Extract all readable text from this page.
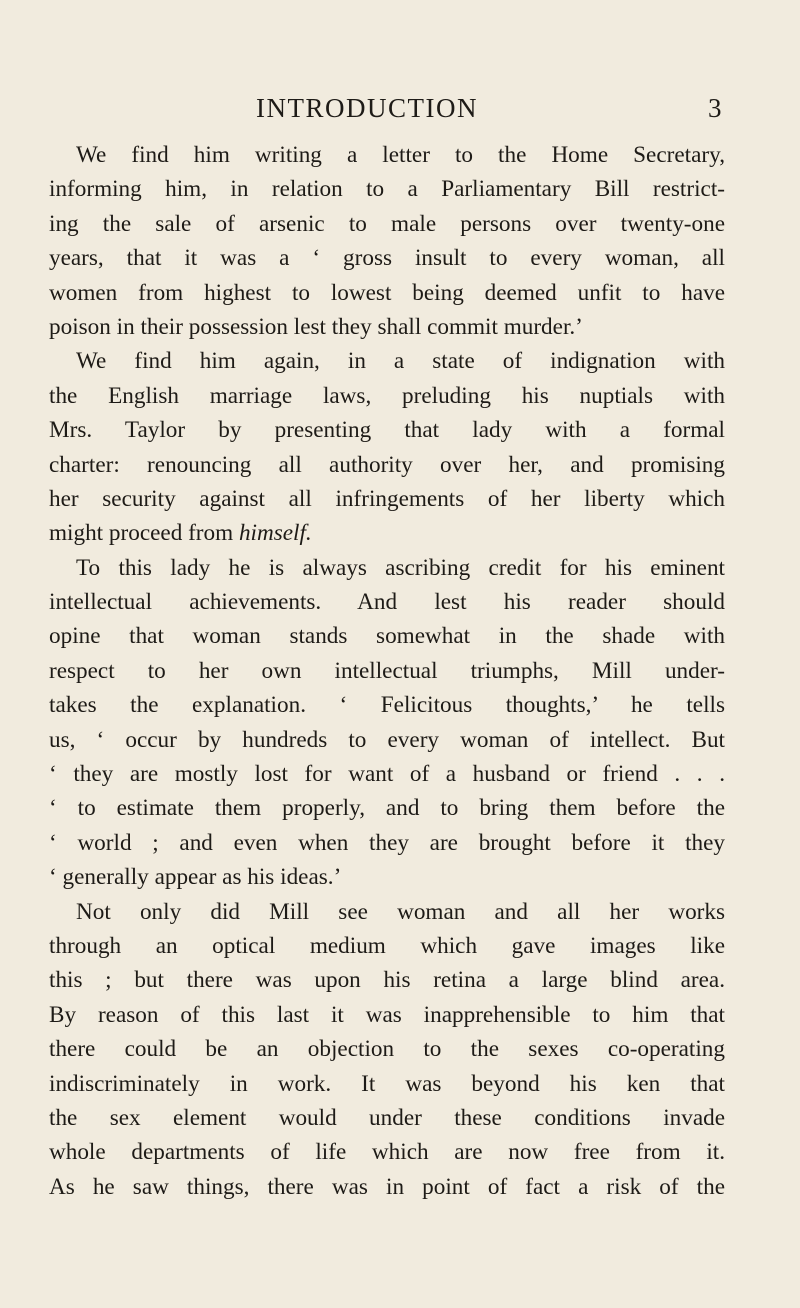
INTRODUCTION	3
We find him writing a letter to the Home Secretary,
informing him, in relation to a Parliamentary Bill restrict-
ing the sale of arsenic to male persons over twenty-one
years, that it was a ‘ gross insult to every woman, all
women from highest to lowest being deemed unfit to have
poison in their possession lest they shall commit murder.’
We find him again, in a state of indignation with
the English marriage laws, preluding his nuptials with
Mrs. Taylor by presenting that lady with a formal
charter: renouncing all authority over her, and promising
her security against all infringements of her liberty which
might proceed from himself.
To this lady he is always ascribing credit for his eminent
intellectual achievements. And lest his reader should
opine that woman stands somewhat in the shade with
respect to her own intellectual triumphs, Mill under-
takes the explanation. ‘ Felicitous thoughts,’ he tells
us, ‘ occur by hundreds to every woman of intellect. But
‘ they are mostly lost for want of a husband or friend . . .
‘ to estimate them properly, and to bring them before the
‘ world ; and even when they are brought before it they
‘ generally appear as his ideas.’
Not only did Mill see woman and all her works
through an optical medium which gave images like
this ; but there was upon his retina a large blind area.
By reason of this last it was inapprehensible to him that
there could be an objection to the sexes co-operating
indiscriminately in work. It was beyond his ken that
the sex element would under these conditions invade
whole departments of life which are now free from it.
As he saw things, there was in point of fact a risk of the
